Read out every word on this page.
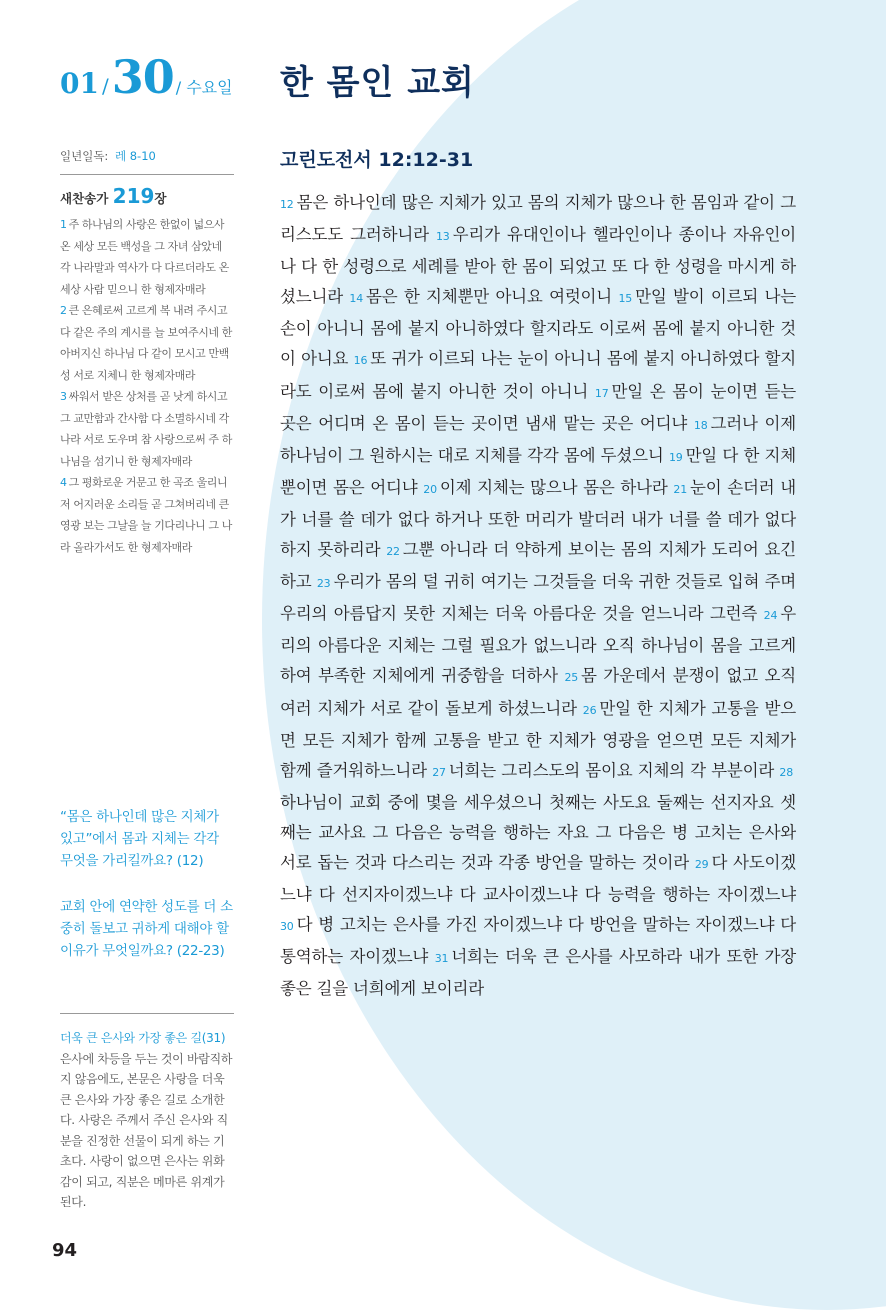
01 / 30 / 수요일 한 몸인 교회
일년일독: 레 8-10
새찬송가 219장

1 주 하나님의 사랑은 한없이 넓으사 온 세상 모든 백성을 그 자녀 삼았네 각 나라말과 역사가 다 다르더라도 온 세상 사람 믿으니 한 형제자매라

2 큰 은혜로써 고르게 복 내려 주시고 다 같은 주의 계시를 늘 보여주시네 한 아버지신 하나님 다 같이 모시고 만백성 서로 지체니 한 형제자매라

3 싸워서 받은 상처를 곧 낫게 하시고 그 교만함과 간사함 다 소멸하시네 각 나라 서로 도우며 참 사랑으로써 주 하나님을 섬기니 한 형제자매라

4 그 평화로운 거문고 한 곡조 울리니 저 어지러운 소리들 곧 그쳐버리네 큰 영광 보는 그날을 늘 기다리나니 그 나라 올라가서도 한 형제자매라

“몸은 하나인데 많은 지체가 있고”에서 몸과 지체는 각각 무엇을 가리킬까요? (12)
교회 안에 연약한 성도를 더 소중히 돌보고 귀하게 대해야 할 이유가 무엇일까요? (22-23)
더욱 큰 은사와 가장 좋은 길(31) 은사에 차등을 두는 것이 바람직하지 않음에도, 본문은 사랑을 더욱 큰 은사와 가장 좋은 길로 소개한다. 사랑은 주께서 주신 은사와 직분을 진정한 선물이 되게 하는 기초다. 사랑이 없으면 은사는 위화감이 되고, 직분은 메마른 위계가 된다.
고린도전서 12:12-31

12 몸은 하나인데 많은 지체가 있고 몸의 지체가 많으나 한 몸임과 같이 그리스도도 그러하니라 13 우리가 유대인이나 헬라인이나 종이나 자유인이나 다 한 성령으로 세례를 받아 한 몸이 되었고 또 다 한 성령을 마시게 하셨느니라 14 몸은 한 지체뿐만 아니요 여럿이니 15 만일 발이 이르되 나는 손이 아니니 몸에 붙지 아니하였다 할지라도 이로써 몸에 붙지 아니한 것이 아니요 16 또 귀가 이르되 나는 눈이 아니니 몸에 붙지 아니하였다 할지라도 이로써 몸에 붙지 아니한 것이 아니니 17 만일 온 몸이 눈이면 듣는 곳은 어디며 온 몸이 듣는 곳이면 냄새 맡는 곳은 어디냐 18 그러나 이제 하나님이 그 원하시는 대로 지체를 각각 몸에 두셨으니 19 만일 다 한 지체뿐이면 몸은 어디냐 20 이제 지체는 많으나 몸은 하나라 21 눈이 손더러 내가 너를 쓸 데가 없다 하거나 또한 머리가 발더러 내가 너를 쓸 데가 없다 하지 못하리라 22 그뿐 아니라 더 약하게 보이는 몸의 지체가 도리어 요긴하고 23 우리가 몸의 덜 귀히 여기는 그것들을 더욱 귀한 것들로 입혀 주며 우리의 아름답지 못한 지체는 더욱 아름다운 것을 얻느니라 그런즉 24 우리의 아름다운 지체는 그럴 필요가 없느니라 오직 하나님이 몸을 고르게 하여 부족한 지체에게 귀중함을 더하사 25 몸 가운데서 분쟁이 없고 오직 여러 지체가 서로 같이 돌보게 하셨느니라 26 만일 한 지체가 고통을 받으면 모든 지체가 함께 고통을 받고 한 지체가 영광을 얻으면 모든 지체가 함께 즐거워하느니라 27 너희는 그리스도의 몸이요 지체의 각 부분이라 28하나님이 교회 중에 몇을 세우셨으니 첫째는 사도요 둘째는 선지자요 셋째는 교사요 그 다음은 능력을 행하는 자요 그 다음은 병 고치는 은사와 서로 돕는 것과 다스리는 것과 각종 방언을 말하는 것이라 29 다 사도이겠느냐 다 선지자이겠느냐 다 교사이겠느냐 다 능력을 행하는 자이겠느냐 30 다 병 고치는 은사를 가진 자이겠느냐 다 방언을 말하는 자이겠느냐 다 통역하는 자이겠느냐 31 너희는 더욱 큰 은사를 사모하라 내가 또한 가장 좋은 길을 너희에게 보이리라

94
